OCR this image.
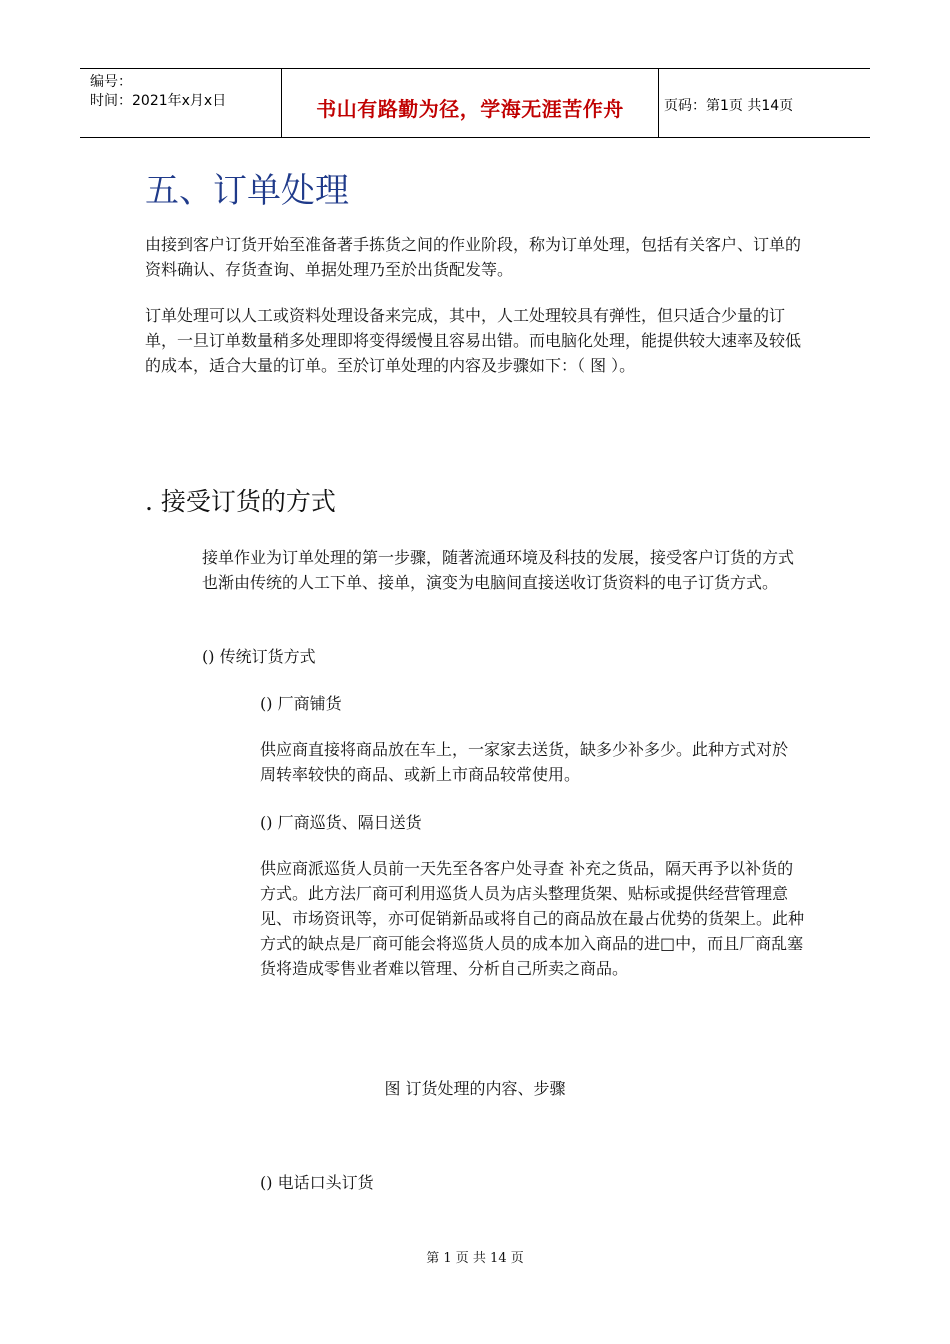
编号：
时间：2021年x月x日	书山有路勤为径，学海无涯苦作舟	页码：第1页 共14页
五、订单处理
由接到客户订货开始至准备著手拣货之间的作业阶段，称为订单处理，包括有关客户、订单的资料确认、存货查询、单据处理乃至於出货配发等。
订单处理可以人工或资料处理设备来完成，其中，人工处理较具有弹性，但只适合少量的订单，一旦订单数量稍多处理即将变得缓慢且容易出错。而电脑化处理，能提供较大速率及较低的成本，适合大量的订单。至於订单处理的内容及步骤如下：（ 图 ）。
. 接受订货的方式
接单作业为订单处理的第一步骤，随著流通环境及科技的发展，接受客户订货的方式也渐由传统的人工下单、接单，演变为电脑间直接送收订货资料的电子订货方式。
() 传统订货方式
() 厂商铺货
供应商直接将商品放在车上，一家家去送货，缺多少补多少。此种方式对於周转率较快的商品、或新上市商品较常使用。
() 厂商巡货、隔日送货
供应商派巡货人员前一天先至各客户处寻查 补充之货品，隔天再予以补货的方式。此方法厂商可利用巡货人员为店头整理货架、贴标或提供经营管理意见、市场资讯等，亦可促销新品或将自己的商品放在最占优势的货架上。此种方式的缺点是厂商可能会将巡货人员的成本加入商品的进□中，而且厂商乱塞货将造成零售业者难以管理、分析自己所卖之商品。
图 订货处理的内容、步骤
() 电话口头订货
第 1 页 共 14 页
